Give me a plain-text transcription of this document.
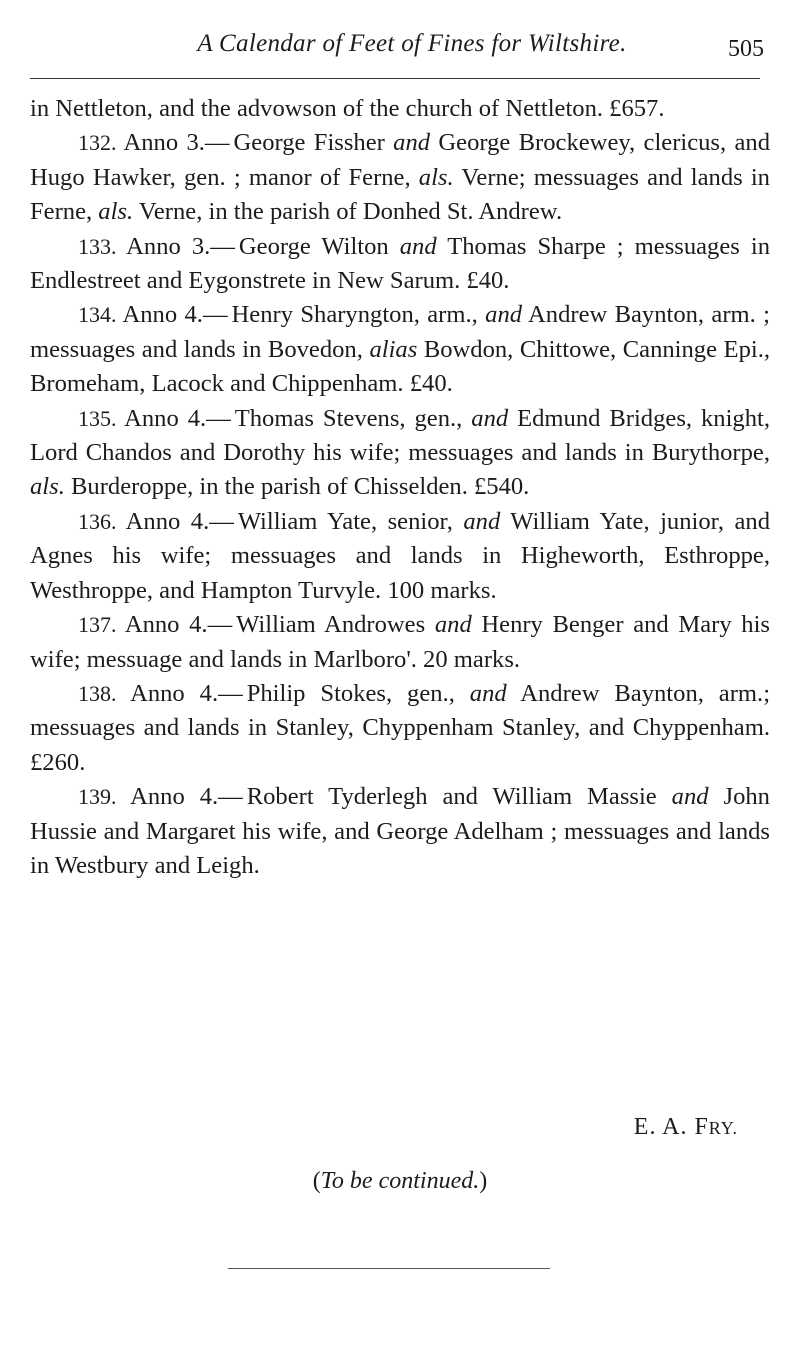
A Calendar of Feet of Fines for Wiltshire.	505

in Nettleton, and the advowson of the church of Nettleton. £657.

132. Anno 3.— George Fissher and George Brockewey, clericus, and Hugo Hawker, gen. ; manor of Ferne, als. Verne; messuages and lands in Ferne, als. Verne, in the parish of Donhed St. Andrew.

133. Anno 3.— George Wilton and Thomas Sharpe ; messuages in Endlestreet and Eygonstrete in New Sarum. £40.

134. Anno 4.— Henry Sharyngton, arm., and Andrew Baynton, arm. ; messuages and lands in Bovedon, alias Bowdon, Chittowe, Canninge Epi., Bromeham, Lacock and Chippenham. £40.

135. Anno 4.— Thomas Stevens, gen., and Edmund Bridges, knight, Lord Chandos and Dorothy his wife; messuages and lands in Burythorpe, als. Burderoppe, in the parish of Chisselden. £540.

136. Anno 4.— William Yate, senior, and William Yate, junior, and Agnes his wife; messuages and lands in Higheworth, Esthroppe, Westhroppe, and Hampton Turvyle. 100 marks.

137. Anno 4.— William Androwes and Henry Benger and Mary his wife; messuage and lands in Marlboro'. 20 marks.

138. Anno 4.— Philip Stokes, gen., and Andrew Baynton, arm.; messuages and lands in Stanley, Chyppenham Stanley, and Chyppenham. £260.

139. Anno 4.— Robert Tyderlegh and William Massie and John Hussie and Margaret his wife, and George Adelham ; messuages and lands in Westbury and Leigh.

E. A. FRY.
(To be continued.)
